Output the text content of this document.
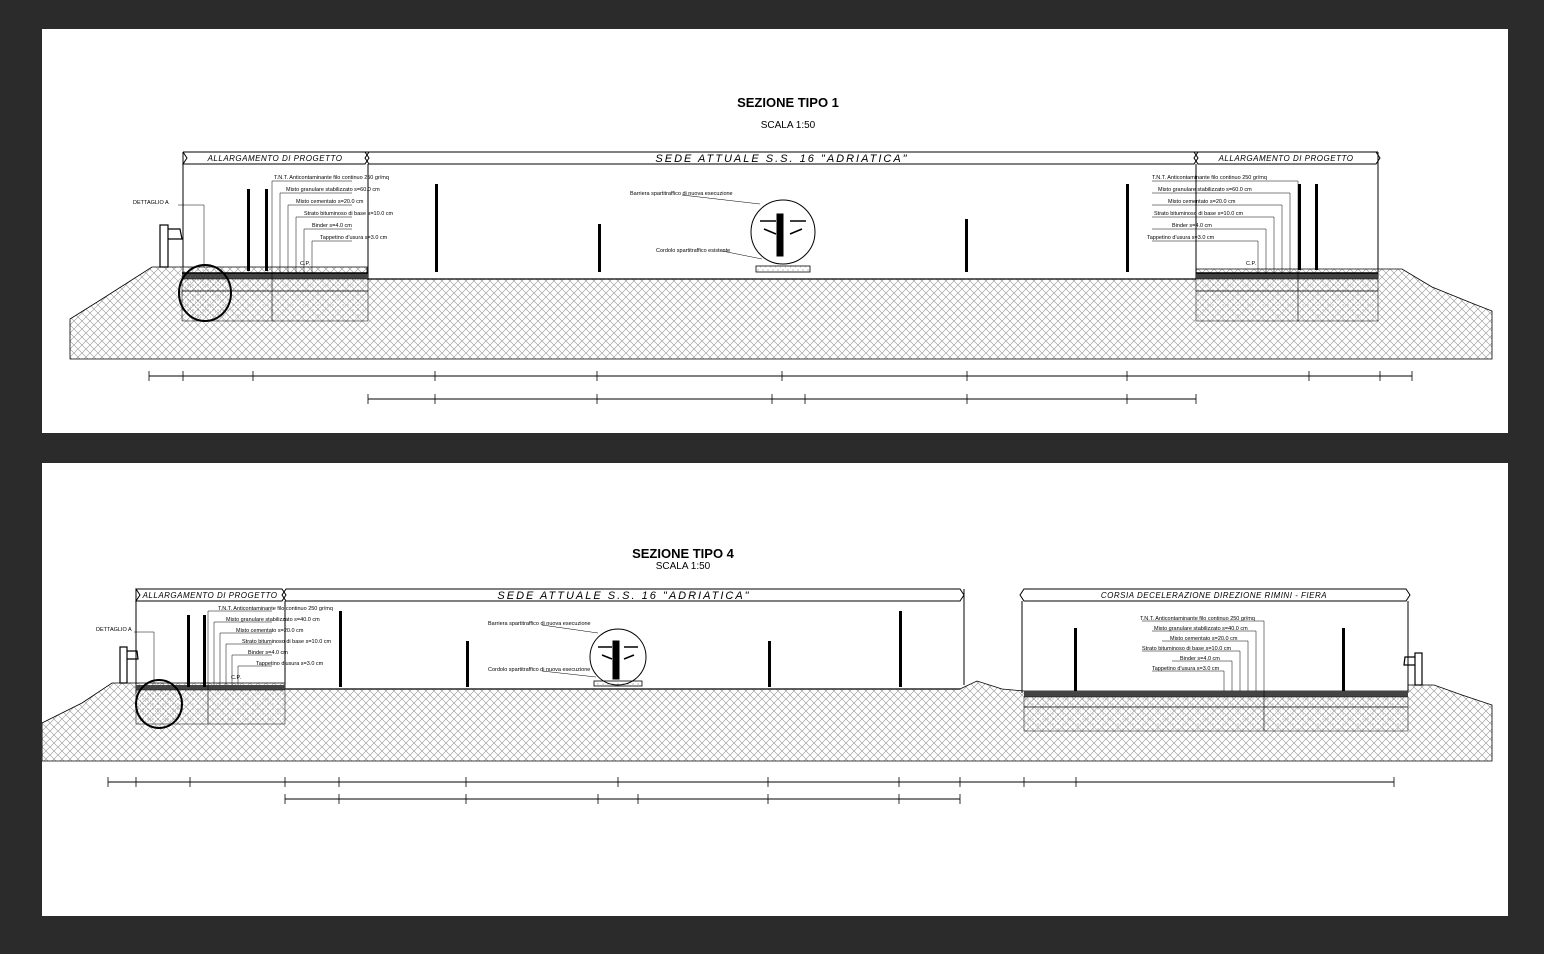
SEZIONE TIPO 1
SCALA 1:50
ALLARGAMENTO DI PROGETTO	SEDE ATTUALE S.S. 16 "ADRIATICA"	ALLARGAMENTO DI PROGETTO
DETTAGLIO A
T.N.T. Anticontaminante filo continuo 250 gr/mq
Misto granulare stabilizzato s=60.0 cm
Misto cementato s=20.0 cm
Strato bituminoso di base s=10.0 cm
Binder s=4.0 cm
Tappetino d'usura s=3.0 cm
C.P.
T.N.T. Anticontaminante filo continuo 250 gr/mq
Misto granulare stabilizzato s=60.0 cm
Misto cementato s=20.0 cm
Strato bituminoso di base s=10.0 cm
Binder s=4.0 cm
Tappetino d'usura s=3.0 cm
C.P.
Barriera spartitraffico di nuova esecuzione
Cordolo spartitraffico esistente
SEZIONE TIPO 4
SCALA 1:50
ALLARGAMENTO DI PROGETTO	SEDE ATTUALE S.S. 16 "ADRIATICA"	CORSIA DECELERAZIONE DIREZIONE RIMINI - FIERA
DETTAGLIO A
T.N.T. Anticontaminante filo continuo 250 gr/mq
Misto granulare stabilizzato s=40.0 cm
Misto cementato s=20.0 cm
Strato bituminoso di base s=10.0 cm
Binder s=4.0 cm
Tappetino d'usura s=3.0 cm
C.P.
T.N.T. Anticontaminante filo continuo 250 gr/mq
Misto granulare stabilizzato s=40.0 cm
Misto cementato s=20.0 cm
Strato bituminoso di base s=10.0 cm
Binder s=4.0 cm
Tappetino d'usura s=3.0 cm
Barriera spartitraffico di nuova esecuzione
Cordolo spartitraffico di nuova esecuzione
